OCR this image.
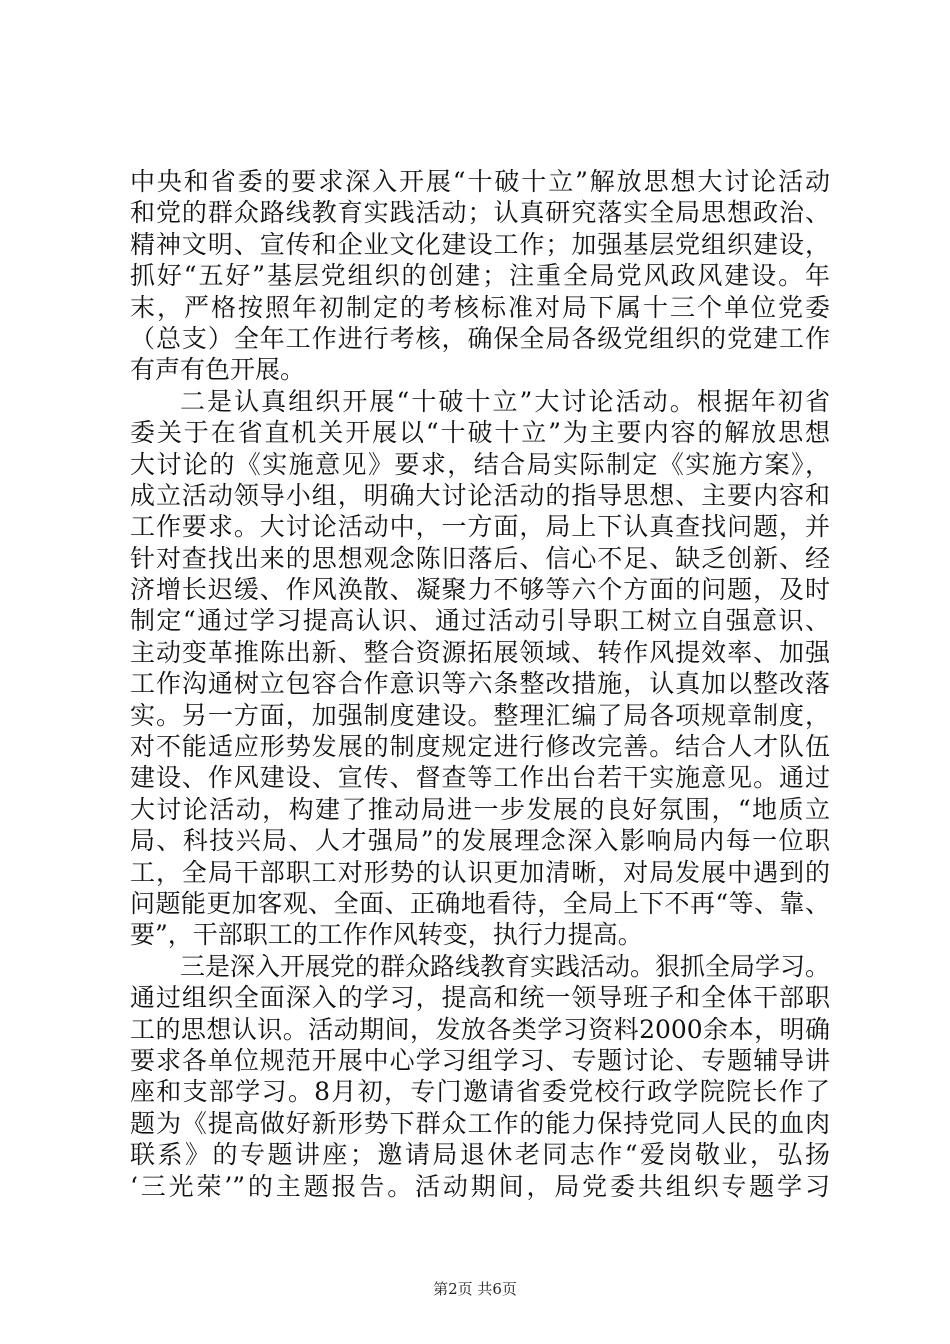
中央和省委的要求深入开展“十破十立”解放思想大讨论活动
和党的群众路线教育实践活动；认真研究落实全局思想政治、
精神文明、宣传和企业文化建设工作；加强基层党组织建设，
抓好“五好”基层党组织的创建；注重全局党风政风建设。年
末，严格按照年初制定的考核标准对局下属十三个单位党委
（总支）全年工作进行考核，确保全局各级党组织的党建工作
有声有色开展。
二是认真组织开展“十破十立”大讨论活动。根据年初省
委关于在省直机关开展以“十破十立”为主要内容的解放思想
大讨论的《实施意见》要求，结合局实际制定《实施方案》，
成立活动领导小组，明确大讨论活动的指导思想、主要内容和
工作要求。大讨论活动中，一方面，局上下认真查找问题，并
针对查找出来的思想观念陈旧落后、信心不足、缺乏创新、经
济增长迟缓、作风涣散、凝聚力不够等六个方面的问题，及时
制定“通过学习提高认识、通过活动引导职工树立自强意识、
主动变革推陈出新、整合资源拓展领域、转作风提效率、加强
工作沟通树立包容合作意识等六条整改措施，认真加以整改落
实。另一方面，加强制度建设。整理汇编了局各项规章制度，
对不能适应形势发展的制度规定进行修改完善。结合人才队伍
建设、作风建设、宣传、督查等工作出台若干实施意见。通过
大讨论活动，构建了推动局进一步发展的良好氛围，“地质立
局、科技兴局、人才强局”的发展理念深入影响局内每一位职
工，全局干部职工对形势的认识更加清晰，对局发展中遇到的
问题能更加客观、全面、正确地看待，全局上下不再“等、靠、
要”，干部职工的工作作风转变，执行力提高。
三是深入开展党的群众路线教育实践活动。狠抓全局学习。
通过组织全面深入的学习，提高和统一领导班子和全体干部职
工的思想认识。活动期间，发放各类学习资料2000余本，明确
要求各单位规范开展中心学习组学习、专题讨论、专题辅导讲
座和支部学习。8月初，专门邀请省委党校行政学院院长作了
题为《提高做好新形势下群众工作的能力保持党同人民的血肉
联系》的专题讲座；邀请局退休老同志作“爱岗敬业，弘扬
‘三光荣’”的主题报告。活动期间，局党委共组织专题学习
第2页 共6页
